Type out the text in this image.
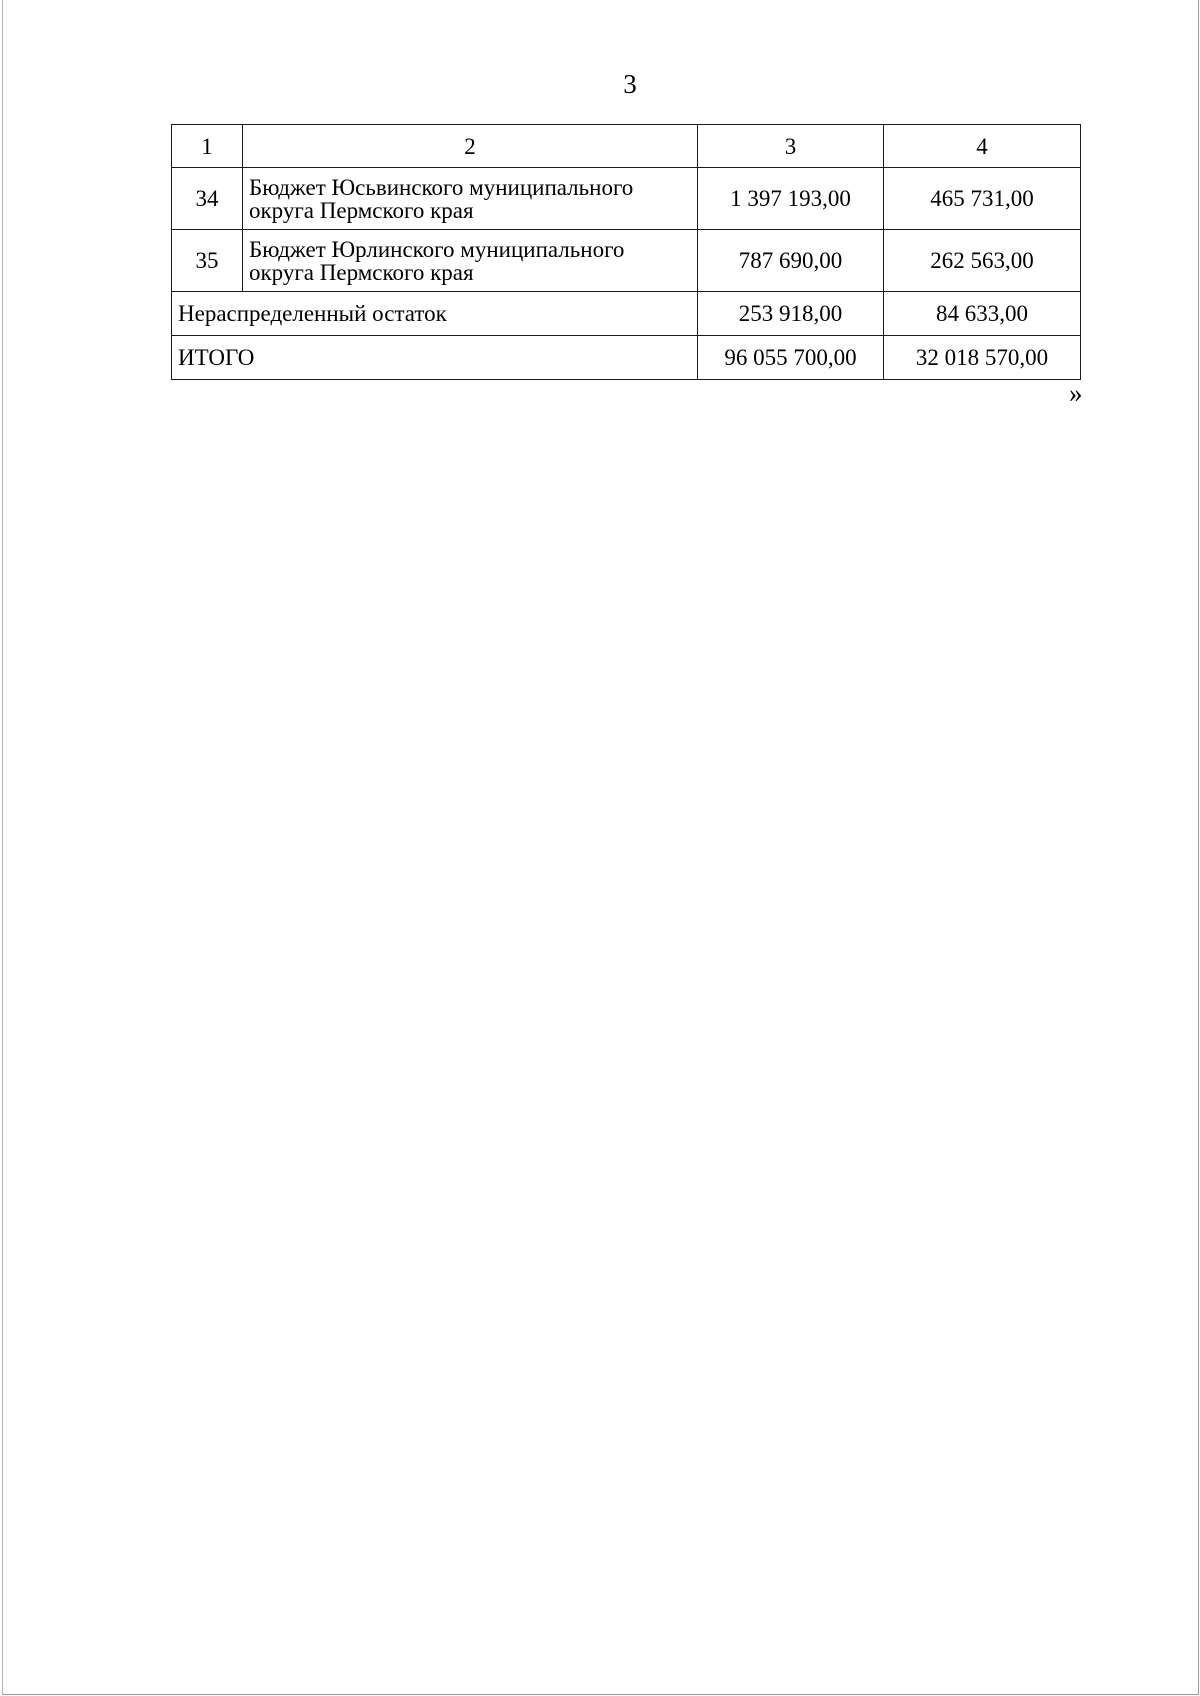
3
1	2	3	4
34	Бюджет Юсьвинского муниципального
округа Пермского края	1 397 193,00	465 731,00
35	Бюджет Юрлинского муниципального
округа Пермского края	787 690,00	262 563,00
Нераспределенный остаток		253 918,00	84 633,00
ИТОГО		96 055 700,00	32 018 570,00
»
